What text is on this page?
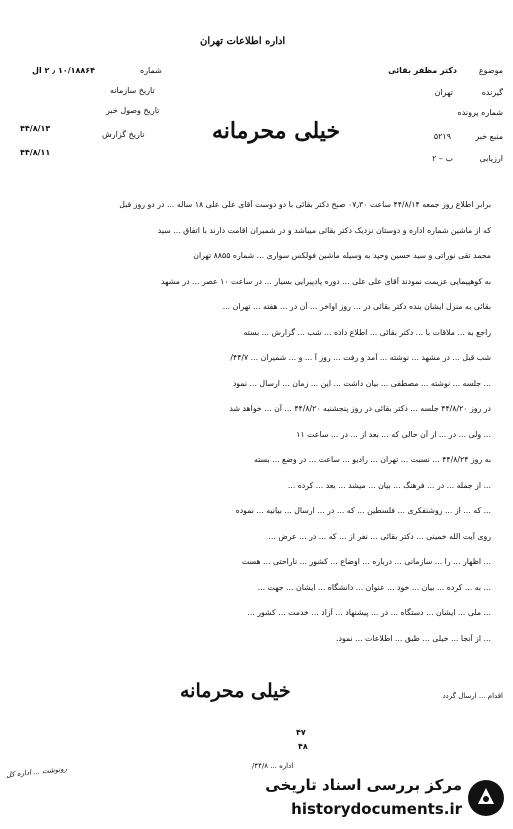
اداره اطلاعات تهران
موضوع
دکتر مظفر بقائی
گیرنده
تهران
شماره پرونده
منبع خبر
۵۲۱۹
ارزیابی
ب – ۲
شماره
۱۰/۱۸۸۶۴ ٫ ۲ ال
تاریخ سازمانه
تاریخ وصول خبر
۴۴/۸/۱۳
تاریخ گزارش
۴۴/۸/۱۱
خیلی محرمانه
برابر اطلاع روز جمعه ۴۴/۸/۱۴ ساعت ۰۷٫۳۰ صبح دکتر بقائی با دو دوست آقای علی علی ۱۸ ساله ... در دو روز قبل
که از ماشین شماره اداره و دوستان نزدیک دکتر بقائی میباشد و در شمیران اقامت دارند با اتفاق ... سید
محمد تقی نوراتی و سید حسین وحید به وسیله ماشین فولکس سواری ... شماره ۸۸۵۵ تهران
به کوهپیمایی عزیمت نمودند آقای علی علی ... دوره پادپیرایی بسیار ... در ساعت ۱۰ عصر ... در مشهد
بقائی به منزل ایشان بنده دکتر بقائی در ... روز اواخر ... آن در ... هفته ... تهران ...
راجع به ... ملاقات با ... دکتر بقائی ... اطلاع داده ... شب ... گزارش ... بسته
شب قبل ... در مشهد ... نوشته ... آمد و رفت ... روز آ ... و ... شمیران ... ۴۴/۷/
... جلسه ... نوشته ... مصطفی ... بیان داشت ... این ... زمان ... ارسال ... نمود
در روز ۴۴/۸/۲۰ جلسه ... دکتر بقائی در روز پنجشنبه ۴۴/۸/۲۰ ... آن ... خواهد شد
... ولی ... در ... از آن حالی که ... بعد از ... در ... ساعت ۱۱
به روز ۴۴/۸/۲۴ ... نسبت ... تهران ... رادیو ... ساعت ... در وضع ... بسته
... از جمله ... در ... فرهنگ ... بیان ... میشد ... بعد ... کرده ...
... که ... از ... روشنفکری ... فلسطین ... که ... در ... ارسال ... بیانیه ... نموده
روی آیت الله خمینی ... دکتر بقائی ... نفر از ... که ... در ... عرض ...
... اظهار ... را ... سازمانی ... درباره ... اوضاع ... کشور ... ناراحتی ... هست
... به ... کرده ... بیان ... خود ... عنوان ... دانشگاه ... ایشان ... جهت ...
... ملی ... ایشان ... دستگاه ... در ... پیشنهاد ... آزاد ... خدمت ... کشور ...
... از آنجا ... خیلی ... طبق ... اطلاعات ... نمود.
اقدام ... ارسال گردد
خیلی محرمانه
۴۷
۴۸
اداره ... ۴۴/۸/
رونوشت ... اداره کل
مرکز بررسی اسناد تاریخی
historydocuments.ir
